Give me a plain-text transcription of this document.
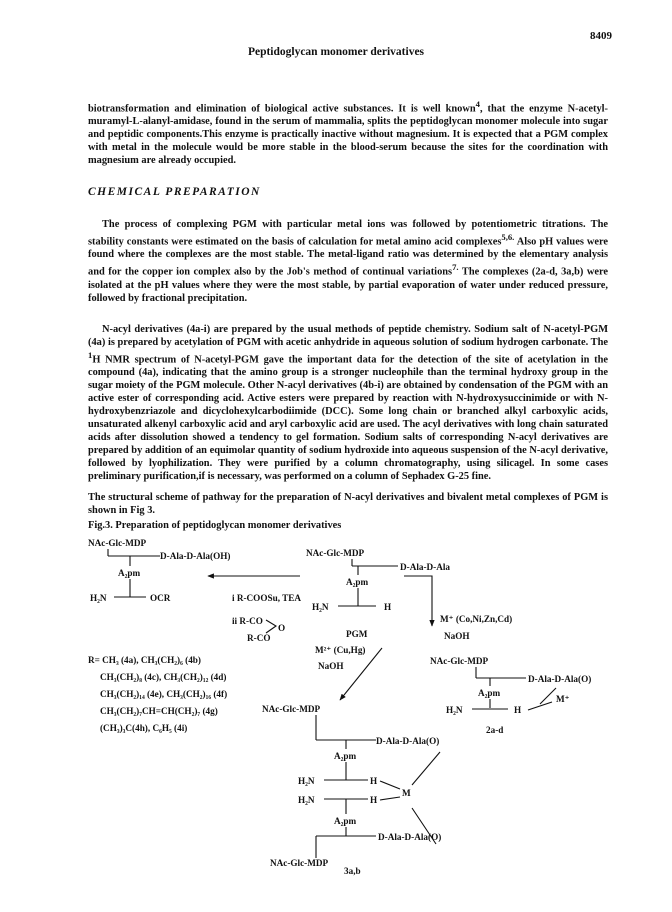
8409
Peptidoglycan monomer derivatives

biotransformation and elimination of biological active substances. It is well known$^4$, that the enzyme N-acetyl-muramyl-L-alanyl-amidase, found in the serum of mammalia, splits the peptidoglycan monomer molecule into sugar and peptidic components.This enzyme is practically inactive without magnesium. It is expected that a PGM complex with metal in the molecule would be more stable in the blood-serum because the sites for the coordination with magnesium are already occupied.

CHEMICAL PREPARATION

The process of complexing PGM with particular metal ions was followed by potentiometric titrations. The stability constants were estimated on the basis of calculation for metal amino acid complexes$^{5,6.}$ Also pH values were found where the complexes are the most stable. The metal-ligand ratio was determined by the elementary analysis and for the copper ion complex also by the Job's method of continual variations$^{7.}$ The complexes (2a-d, 3a,b) were isolated at the pH values where they were the most stable, by partial evaporation of water under reduced pressure, followed by fractional precipitation.

N-acyl derivatives (4a-i) are prepared by the usual methods of peptide chemistry. Sodium salt of N-acetyl-PGM (4a) is prepared by acetylation of PGM with acetic anhydride in aqueous solution of sodium hydrogen carbonate. The $^1$H NMR spectrum of N-acetyl-PGM gave the important data for the detection of the site of acetylation in the compound (4a), indicating that the amino group is a stronger nucleophile than the terminal hydroxy group in the sugar moiety of the PGM molecule. Other N-acyl derivatives (4b-i) are obtained by condensation of the PGM with an active ester of corresponding acid. Active esters were prepared by reaction with N-hydroxysuccinimide or with N-hydroxybenzriazole and dicyclohexylcarbodiimide (DCC). Some long chain or branched alkyl carboxylic acids, unsaturated alkenyl carboxylic acid and aryl carboxylic acid are used. The acyl derivatives with long chain saturated acids after dissolution showed a tendency to gel formation. Sodium salts of corresponding N-acyl derivatives are prepared by addition of an equimolar quantity of sodium hydroxide into aqueous suspension of the N-acyl derivative, followed by lyophilization. They were purified by a column chromatography, using silicagel. In some cases preliminary purification,if is necessary, was performed on a column of Sephadex G-25 fine.

The structural scheme of pathway for the preparation of N-acyl derivatives and bivalent metal complexes of PGM is shown in Fig 3.

Fig.3. Preparation of peptidoglycan monomer derivatives
NAc-Glc-MDP
D-Ala-D-Ala(OH)
A₂pm
H₂N	OCR	i R-COOSu, TEA
ii R-CO
O
R-CO
R= CH₃ (4a), CH₃(CH₂)₆ (4b)
CH₃(CH₂)₈ (4c), CH₃(CH₂)₁₂ (4d)
CH₃(CH₂)₁₄ (4e), CH₃(CH₂)₁₆ (4f)
CH₃(CH₂)₇CH=CH(CH₂)₇ (4g)
(CH₃)₃C(4h), C₆H₅ (4i)
NAc-Glc-MDP
D-Ala-D-Ala
A₂pm
H₂N	H
PGM
M⁺ (Co,Ni,Zn,Cd)
NaOH
M²⁺ (Cu,Hg)
NaOH	NAc-Glc-MDP
D-Ala-D-Ala(O)
A₂pm
H₂N	H
M⁺
2a-d
NAc-Glc-MDP
D-Ala-D-Ala(O)
A₂pm
H₂N	H
M
H₂N	H
A₂pm
D-Ala-D-Ala(O)
NAc-Glc-MDP
3a,b
